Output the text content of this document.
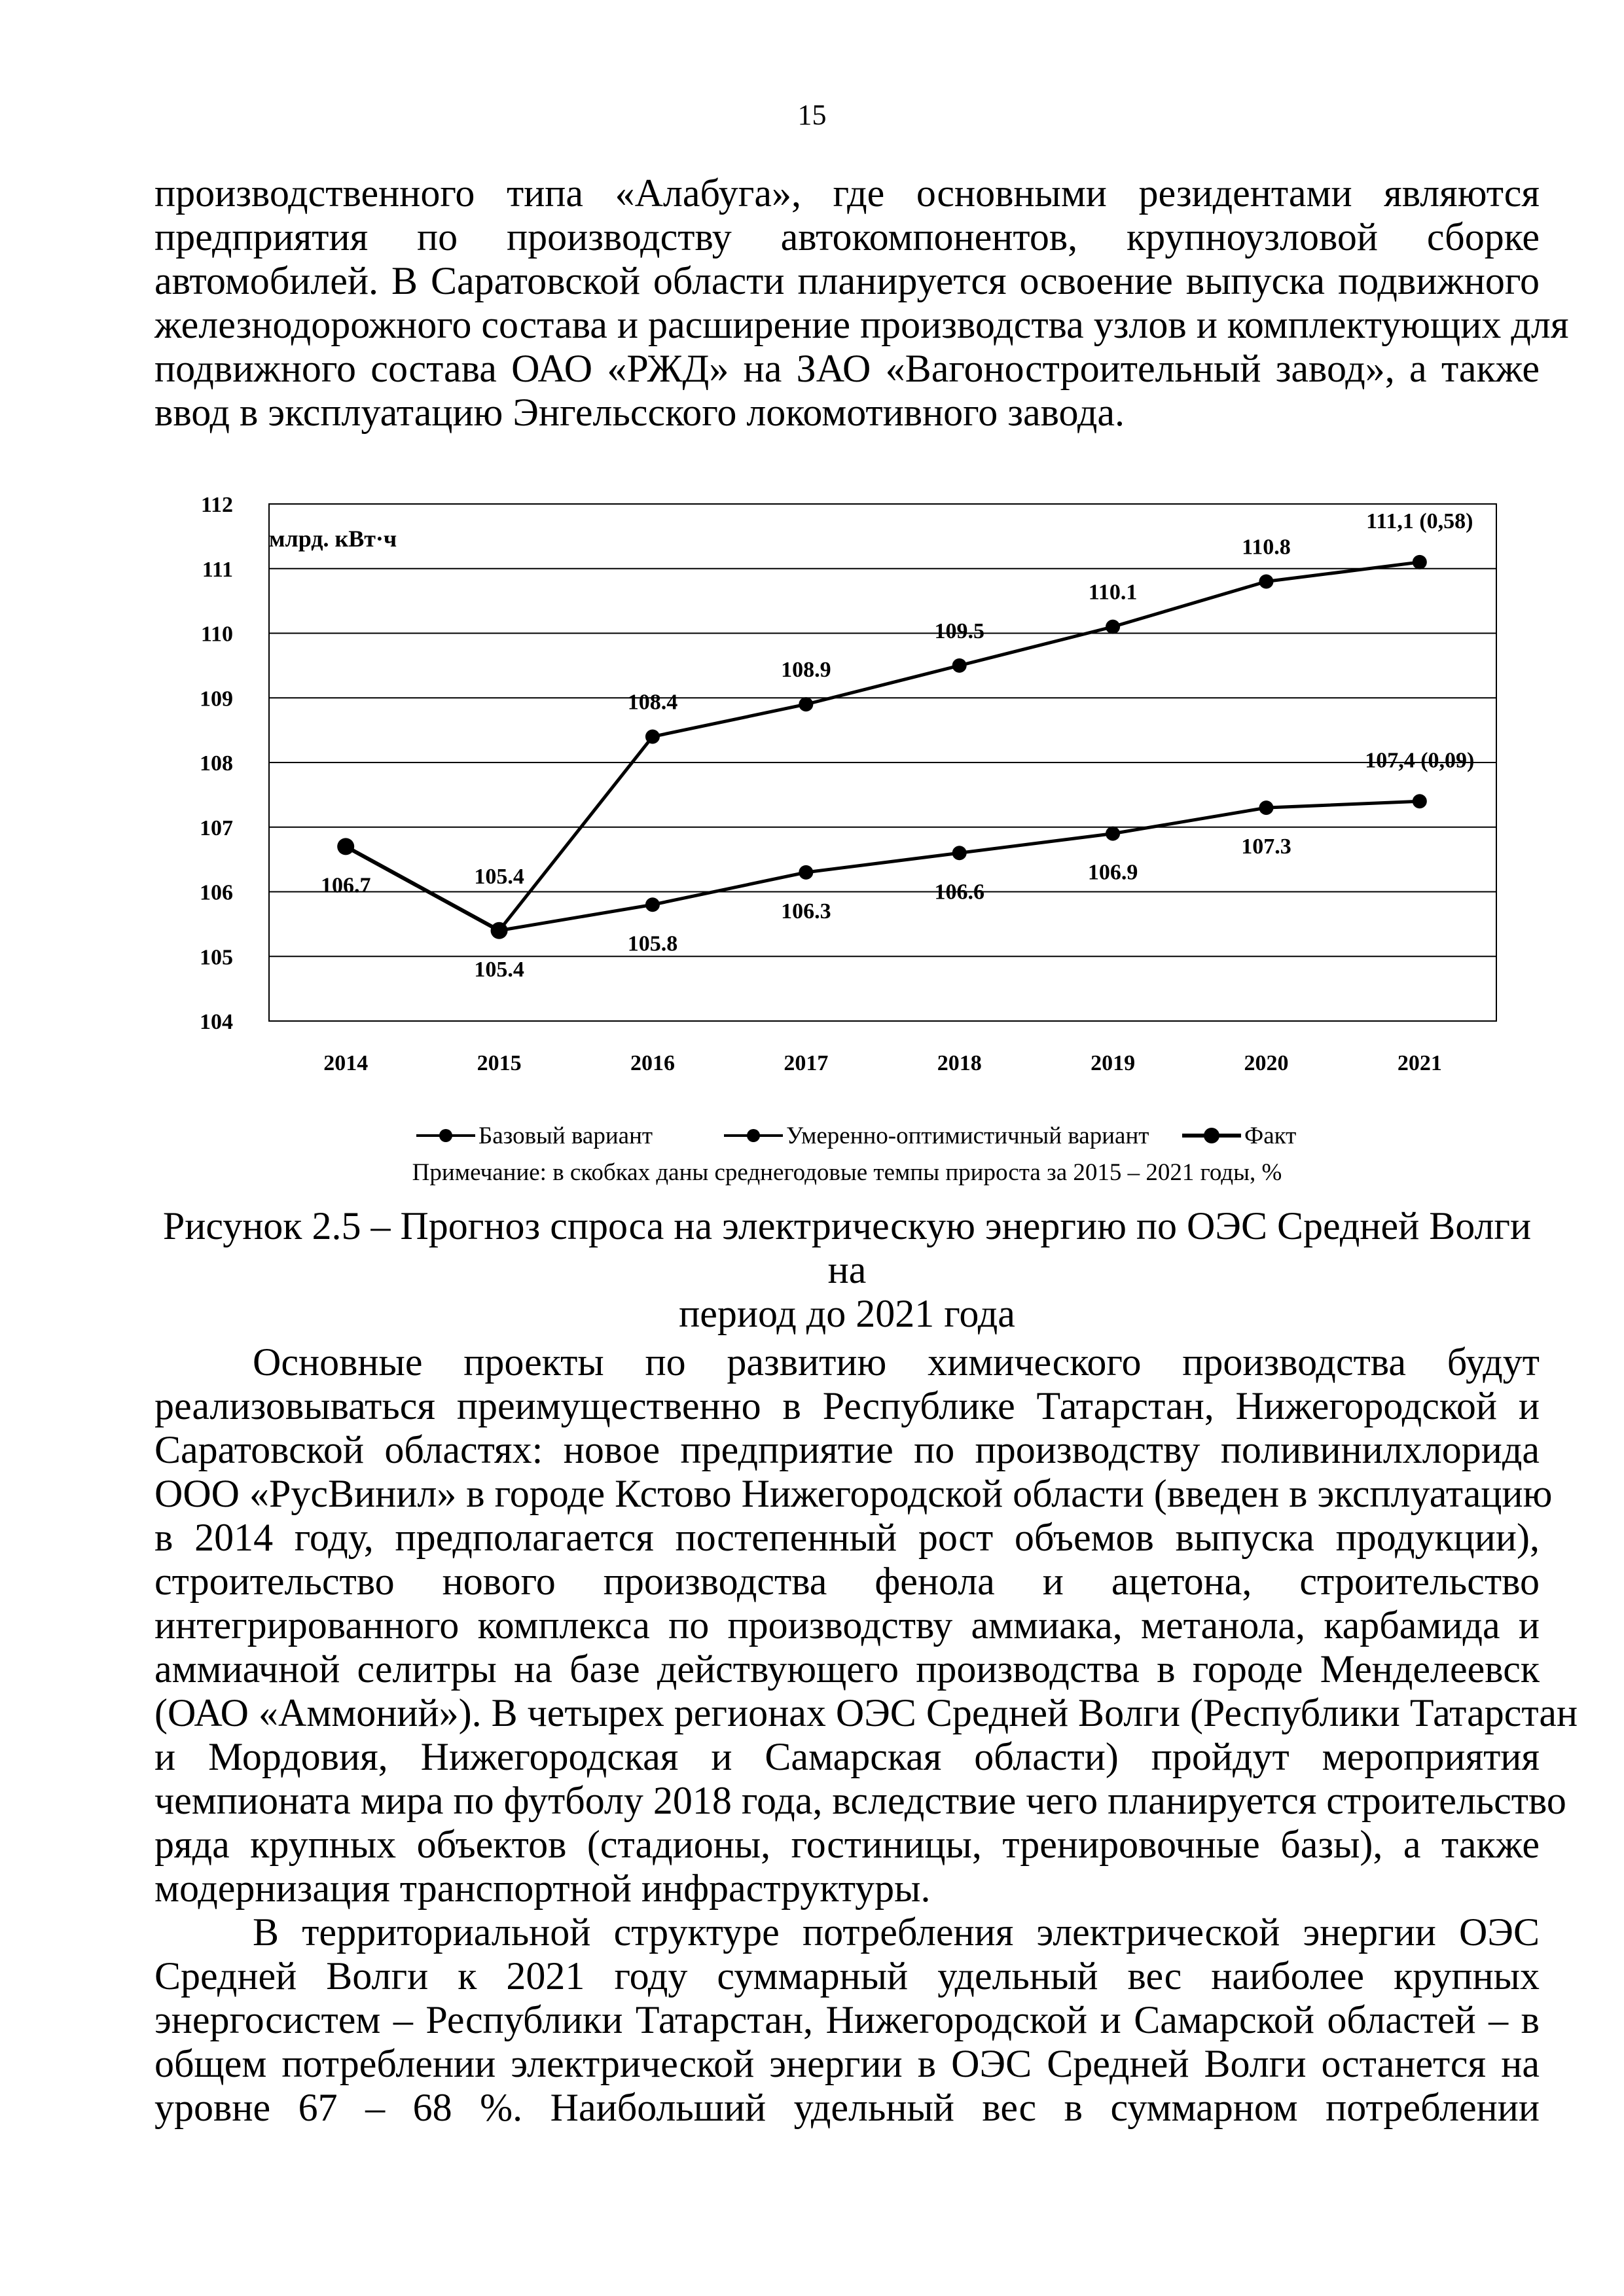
15
производственного типа «Алабуга», где основными резидентами являются
предприятия по производству автокомпонентов, крупноузловой сборке
автомобилей. В Саратовской области планируется освоение выпуска подвижного
железнодорожного состава и расширение производства узлов и комплектующих для
подвижного состава ОАО «РЖД» на ЗАО «Вагоностроительный завод», а также
ввод в эксплуатацию Энгельсского локомотивного завода.
104
105
106
107
108
109
110
111
112
2014	2015	2016	2017	2018	2019	2020	2021
млрд. кВт·ч
105.4
105.8
106.3
106.6
106.9
107.3
107,4 (0,09)
105.4
108.4
108.9
109.5
110.1
110.8
111,1 (0,58)
106.7
Базовый вариант	Умеренно-оптимистичный вариант	Факт
Примечание: в скобках даны среднегодовые темпы прироста за 2015 – 2021 годы, %
Рисунок 2.5 – Прогноз спроса на электрическую энергию по ОЭС Средней Волги на
период до 2021 года
Основные проекты по развитию химического производства будут
реализовываться преимущественно в Республике Татарстан, Нижегородской и
Саратовской областях: новое предприятие по производству поливинилхлорида
ООО «РусВинил» в городе Кстово Нижегородской области (введен в эксплуатацию
в 2014 году, предполагается постепенный рост объемов выпуска продукции),
строительство нового производства фенола и ацетона, строительство
интегрированного комплекса по производству аммиака, метанола, карбамида и
аммиачной селитры на базе действующего производства в городе Менделеевск
(ОАО «Аммоний»). В четырех регионах ОЭС Средней Волги (Республики Татарстан
и Мордовия, Нижегородская и Самарская области) пройдут мероприятия
чемпионата мира по футболу 2018 года, вследствие чего планируется строительство
ряда крупных объектов (стадионы, гостиницы, тренировочные базы), а также
модернизация транспортной инфраструктуры.
В территориальной структуре потребления электрической энергии ОЭС
Средней Волги к 2021 году суммарный удельный вес наиболее крупных
энергосистем – Республики Татарстан, Нижегородской и Самарской областей – в
общем потреблении электрической энергии в ОЭС Средней Волги останется на
уровне 67 – 68 %. Наибольший удельный вес в суммарном потреблении
